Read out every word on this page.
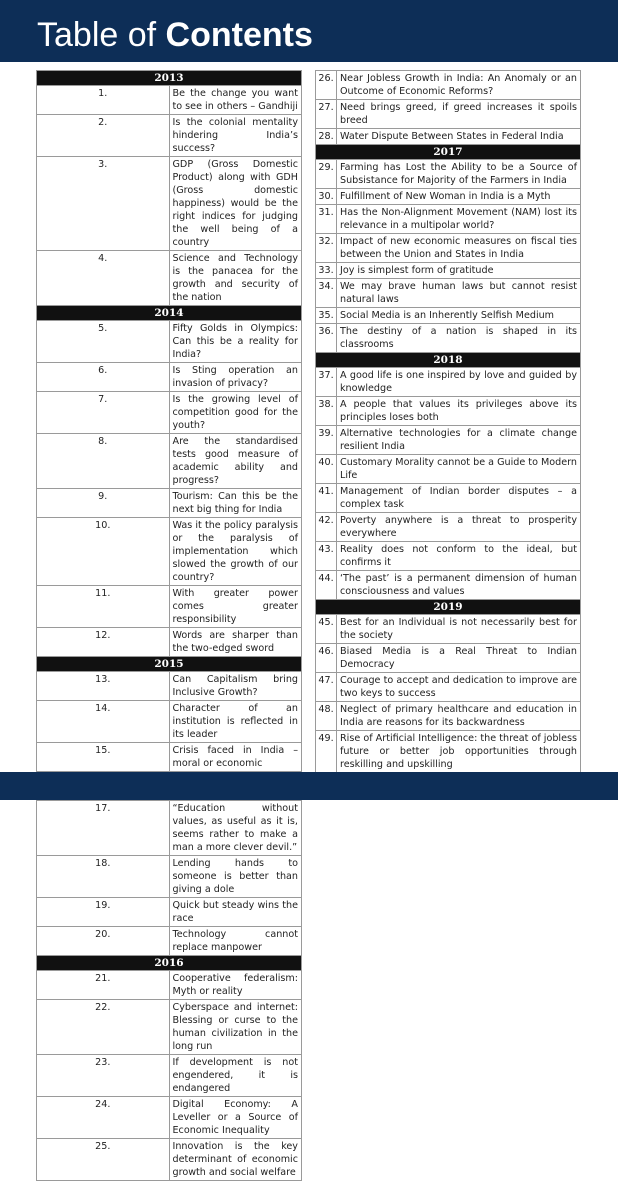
Table of Contents
2013	
1.	Be the change you want to see in others – Gandhiji
2.	Is the colonial mentality hindering India’s success?
3.	GDP (Gross Domestic Product) along with GDH (Gross domestic happiness) would be the right indices for judging the well being of a country
4.	Science and Technology is the panacea for the growth and security of the nation
2014	
5.	Fifty Golds in Olympics: Can this be a reality for India?
6.	Is Sting operation an invasion of privacy?
7.	Is the growing level of competition good for the youth?
8.	Are the standardised tests good measure of academic ability and progress?
9.	Tourism: Can this be the next big thing for India
10.	Was it the policy paralysis or the paralysis of implementation which slowed the growth of our country?
11.	With greater power comes greater responsibility
12.	Words are sharper than the two-edged sword
2015	
13.	Can Capitalism bring Inclusive Growth?
14.	Character of an institution is reflected in its leader
15.	Crisis faced in India – moral or economic

17.	“Education without values, as useful as it is, seems rather to make a man a more clever devil.”
18.	Lending hands to someone is better than giving a dole
19.	Quick but steady wins the race
20.	Technology cannot replace manpower
2016	
21.	Cooperative federalism: Myth or reality
22.	Cyberspace and internet: Blessing or curse to the human civilization in the long run
23.	If development is not engendered, it is endangered
24.	Digital Economy: A Leveller or a Source of Economic Inequality
25.	Innovation is the key determinant of economic growth and social welfare
26.	Near Jobless Growth in India: An Anomaly or an Outcome of Economic Reforms?
27.	Need brings greed, if greed increases it spoils breed
28.	Water Dispute Between States in Federal India
2017	
29.	Farming has Lost the Ability to be a Source of Subsistance for Majority of the Farmers in India
30.	Fulfillment of New Woman in India is a Myth
31.	Has the Non-Alignment Movement (NAM) lost its relevance in a multipolar world?
32.	Impact of new economic measures on fiscal ties between the Union and States in India
33.	Joy is simplest form of gratitude
34.	We may brave human laws but cannot resist natural laws
35.	Social Media is an Inherently Selfish Medium
36.	The destiny of a nation is shaped in its classrooms
2018	
37.	A good life is one inspired by love and guided by knowledge
38.	A people that values its privileges above its principles loses both
39.	Alternative technologies for a climate change resilient India
40.	Customary Morality cannot be a Guide to Modern Life
41.	Management of Indian border disputes – a complex task
42.	Poverty anywhere is a threat to prosperity everywhere
43.	Reality does not conform to the ideal, but confirms it
44.	‘The past’ is a permanent dimension of human consciousness and values
2019	
45.	Best for an Individual is not necessarily best for the society
46.	Biased Media is a Real Threat to Indian Democracy
47.	Courage to accept and dedication to improve are two keys to success
48.	Neglect of primary healthcare and education in India are reasons for its backwardness
49.	Rise of Artificial Intelligence: the threat of jobless future or better job opportunities through reskilling and upskilling
